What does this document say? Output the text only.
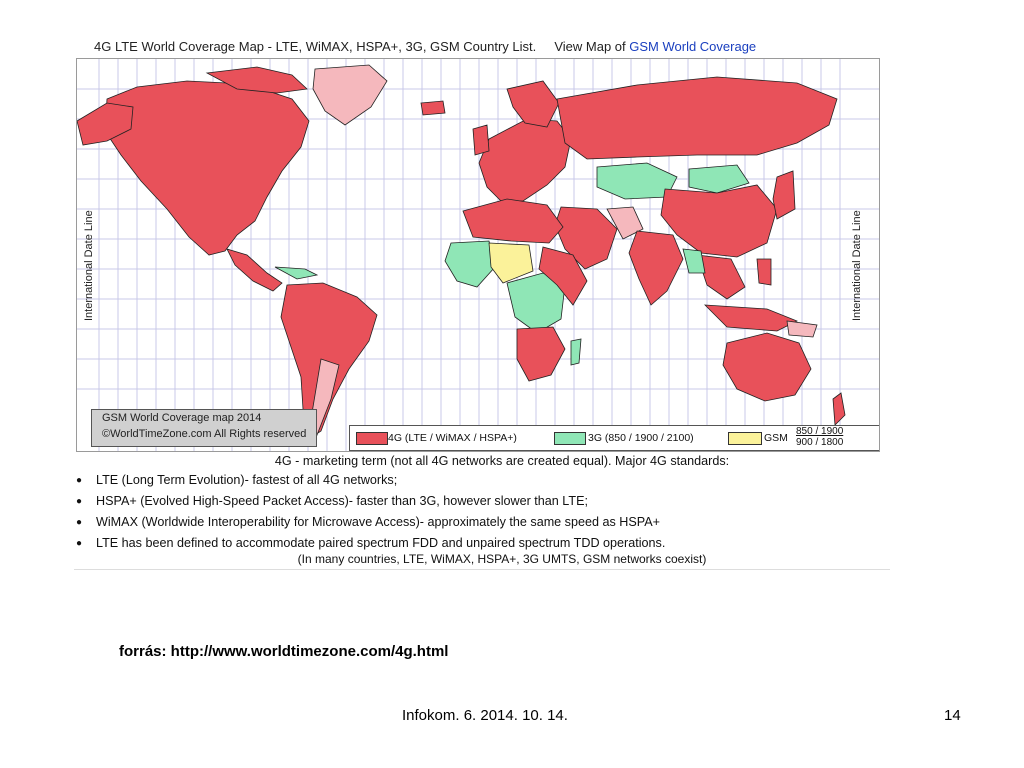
4G LTE World Coverage Map - LTE, WiMAX, HSPA+, 3G, GSM Country List. View Map of GSM World Coverage
International Date Line	International Date Line
GSM World Coverage map 2014
©WorldTimeZone.com All Rights reserved	4G (LTE / WiMAX / HSPA+)	3G (850 / 1900 / 2100)	GSM
850 / 1900
900 / 1800
4G - marketing term (not all 4G networks are created equal). Major 4G standards:
● LTE (Long Term Evolution)- fastest of all 4G networks;
● HSPA+ (Evolved High-Speed Packet Access)- faster than 3G, however slower than LTE;
● WiMAX (Worldwide Interoperability for Microwave Access)- approximately the same speed as HSPA+
● LTE has been defined to accommodate paired spectrum FDD and unpaired spectrum TDD operations.
(In many countries, LTE, WiMAX, HSPA+, 3G UMTS, GSM networks coexist)
forrás: http://www.worldtimezone.com/4g.html
Infokom. 6. 2014. 10. 14.	14
